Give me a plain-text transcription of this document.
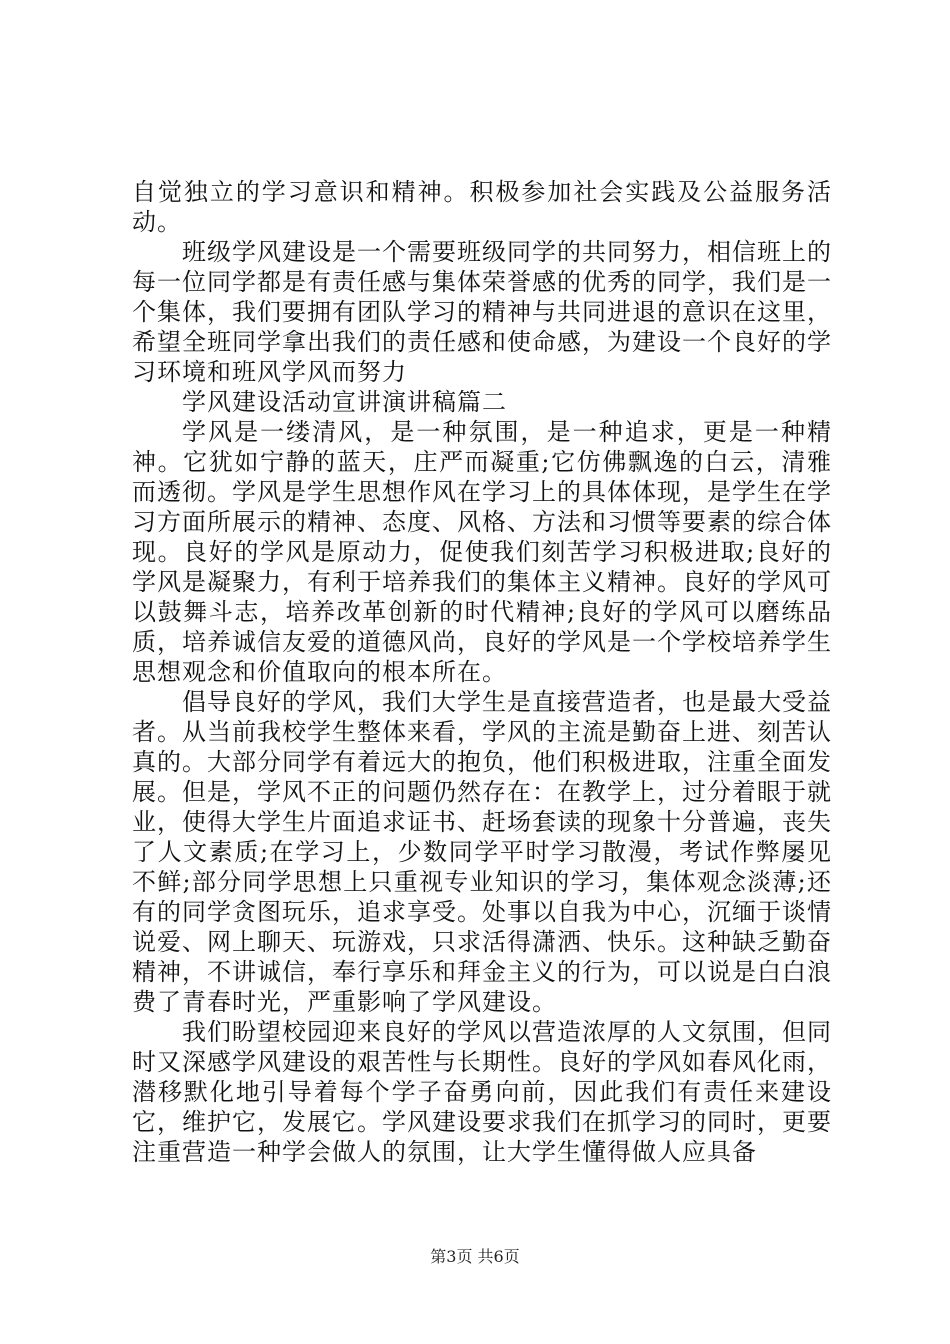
自觉独立的学习意识和精神。积极参加社会实践及公益服务活动。

班级学风建设是一个需要班级同学的共同努力，相信班上的每一位同学都是有责任感与集体荣誉感的优秀的同学，我们是一个集体，我们要拥有团队学习的精神与共同进退的意识在这里，希望全班同学拿出我们的责任感和使命感，为建设一个良好的学习环境和班风学风而努力

学风建设活动宣讲演讲稿篇二

学风是一缕清风，是一种氛围，是一种追求，更是一种精神。它犹如宁静的蓝天，庄严而凝重;它仿佛飘逸的白云，清雅而透彻。学风是学生思想作风在学习上的具体体现，是学生在学习方面所展示的精神、态度、风格、方法和习惯等要素的综合体现。良好的学风是原动力，促使我们刻苦学习积极进取;良好的学风是凝聚力，有利于培养我们的集体主义精神。良好的学风可以鼓舞斗志，培养改革创新的时代精神;良好的学风可以磨练品质，培养诚信友爱的道德风尚，良好的学风是一个学校培养学生思想观念和价值取向的根本所在。

倡导良好的学风，我们大学生是直接营造者，也是最大受益者。从当前我校学生整体来看，学风的主流是勤奋上进、刻苦认真的。大部分同学有着远大的抱负，他们积极进取，注重全面发展。但是，学风不正的问题仍然存在：在教学上，过分着眼于就业，使得大学生片面追求证书、赶场套读的现象十分普遍，丧失了人文素质;在学习上，少数同学平时学习散漫，考试作弊屡见不鲜;部分同学思想上只重视专业知识的学习，集体观念淡薄;还有的同学贪图玩乐，追求享受。处事以自我为中心，沉缅于谈情说爱、网上聊天、玩游戏，只求活得潇洒、快乐。这种缺乏勤奋精神，不讲诚信，奉行享乐和拜金主义的行为，可以说是白白浪费了青春时光，严重影响了学风建设。

我们盼望校园迎来良好的学风以营造浓厚的人文氛围，但同时又深感学风建设的艰苦性与长期性。良好的学风如春风化雨，潜移默化地引导着每个学子奋勇向前，因此我们有责任来建设它，维护它，发展它。学风建设要求我们在抓学习的同时，更要注重营造一种学会做人的氛围，让大学生懂得做人应具备

第3页 共6页
